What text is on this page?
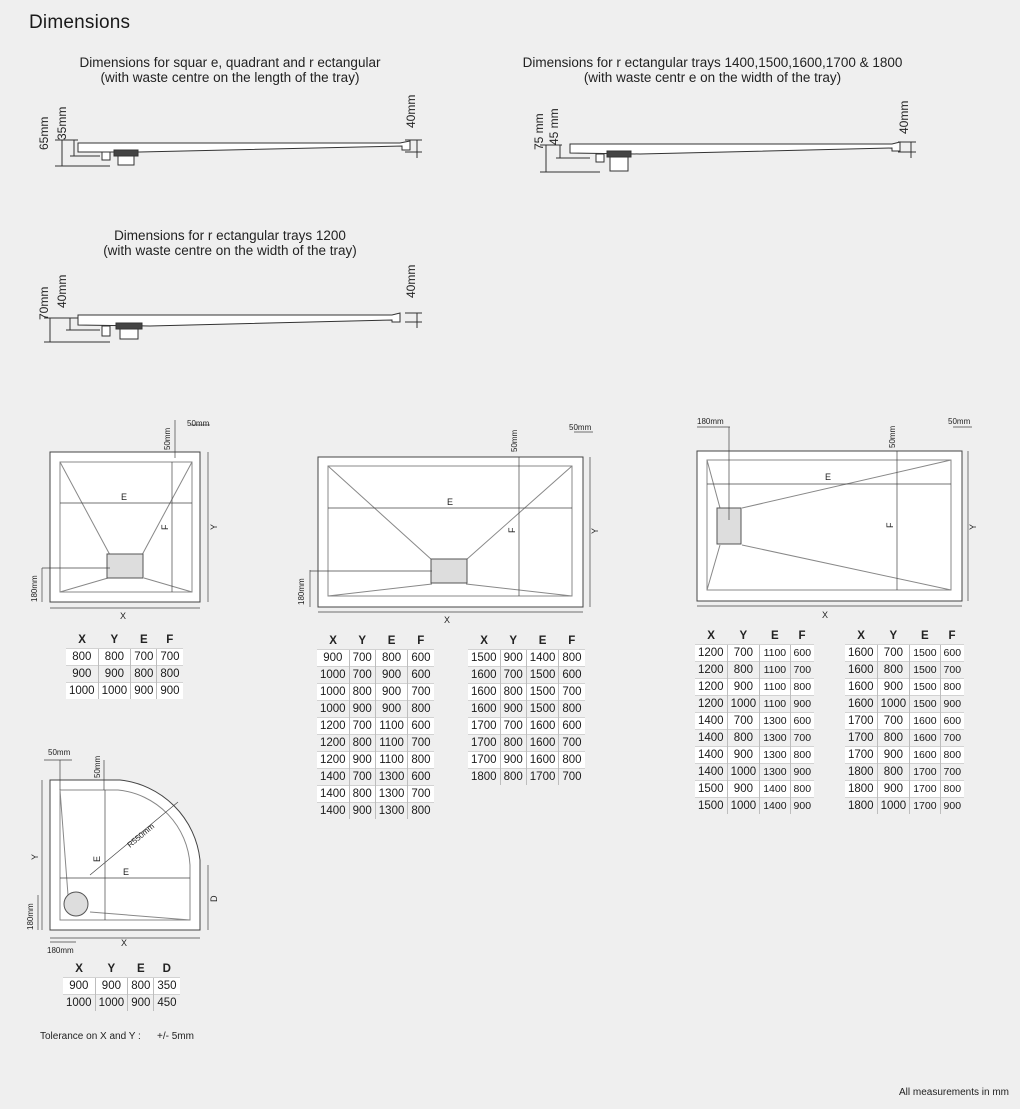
Dimensions
Dimensions for squar e, quadrant and r ectangular
(with waste centre on the length of the tray)
Dimensions for r ectangular trays 1400,1500,1600,1700 & 1800
(with waste centr e on the width of the tray)
Dimensions for r ectangular trays 1200
(with waste centre on the width of the tray)
65mm 35mm	40mm
75 mm 45 mm	40mm
70mm 40mm	40mm
E
F
X
Y
180mm
50mm
50mm
E
F
X
Y
180mm
50mm
50mm
E
F
X
Y
180mm
50mm
50mm
E
E
R550mm
X
Y
D
50mm
50mm
180mm
180mm
X	Y	E	F
800	800	700	700
900	900	800	800
1000	1000	900	900
X	Y	E	F
900	700	800	600
1000	700	900	600
1000	800	900	700
1000	900	900	800
1200	700	1100	600
1200	800	1100	700
1200	900	1100	800
1400	700	1300	600
1400	800	1300	700
1400	900	1300	800
X	Y	E	F
1500	900	1400	800
1600	700	1500	600
1600	800	1500	700
1600	900	1500	800
1700	700	1600	600
1700	800	1600	700
1700	900	1600	800
1800	800	1700	700
X	Y	E	F
1200	700	1100	600
1200	800	1100	700
1200	900	1100	800
1200	1000	1100	900
1400	700	1300	600
1400	800	1300	700
1400	900	1300	800
1400	1000	1300	900
1500	900	1400	800
1500	1000	1400	900
X	Y	E	F
1600	700	1500	600
1600	800	1500	700
1600	900	1500	800
1600	1000	1500	900
1700	700	1600	600
1700	800	1600	700
1700	900	1600	800
1800	800	1700	700
1800	900	1700	800
1800	1000	1700	900
X	Y	E	D
900	900	800	350
1000	1000	900	450
Tolerance on X and Y : +/- 5mm
All measurements in mm
